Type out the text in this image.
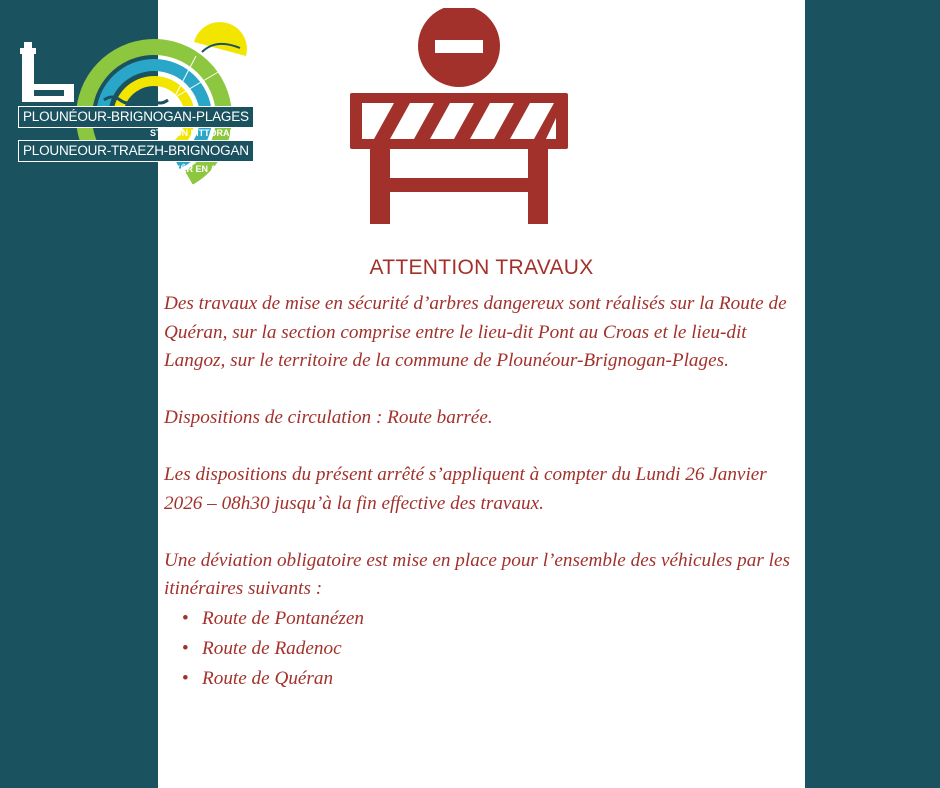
PLOUNÉOUR-BRIGNOGAN-PLAGES
STATION LITTORALE
PLOUNEOUR-TRAEZH-BRIGNOGAN
KÊR EN ARVOR
ATTENTION TRAVAUX

Des travaux de mise en sécurité d’arbres dangereux sont réalisés sur la Route de Quéran, sur la section comprise entre le lieu-dit Pont au Croas et le lieu-dit Langoz, sur le territoire de la commune de Plounéour-Brignogan-Plages.

Dispositions de circulation : Route barrée.

Les dispositions du présent arrêté s’appliquent à compter du Lundi 26 Janvier 2026 – 08h30 jusqu’à la fin effective des travaux.

Une déviation obligatoire est mise en place pour l’ensemble des véhicules par les itinéraires suivants :

• Route de Pontanézen
• Route de Radenoc
• Route de Quéran
